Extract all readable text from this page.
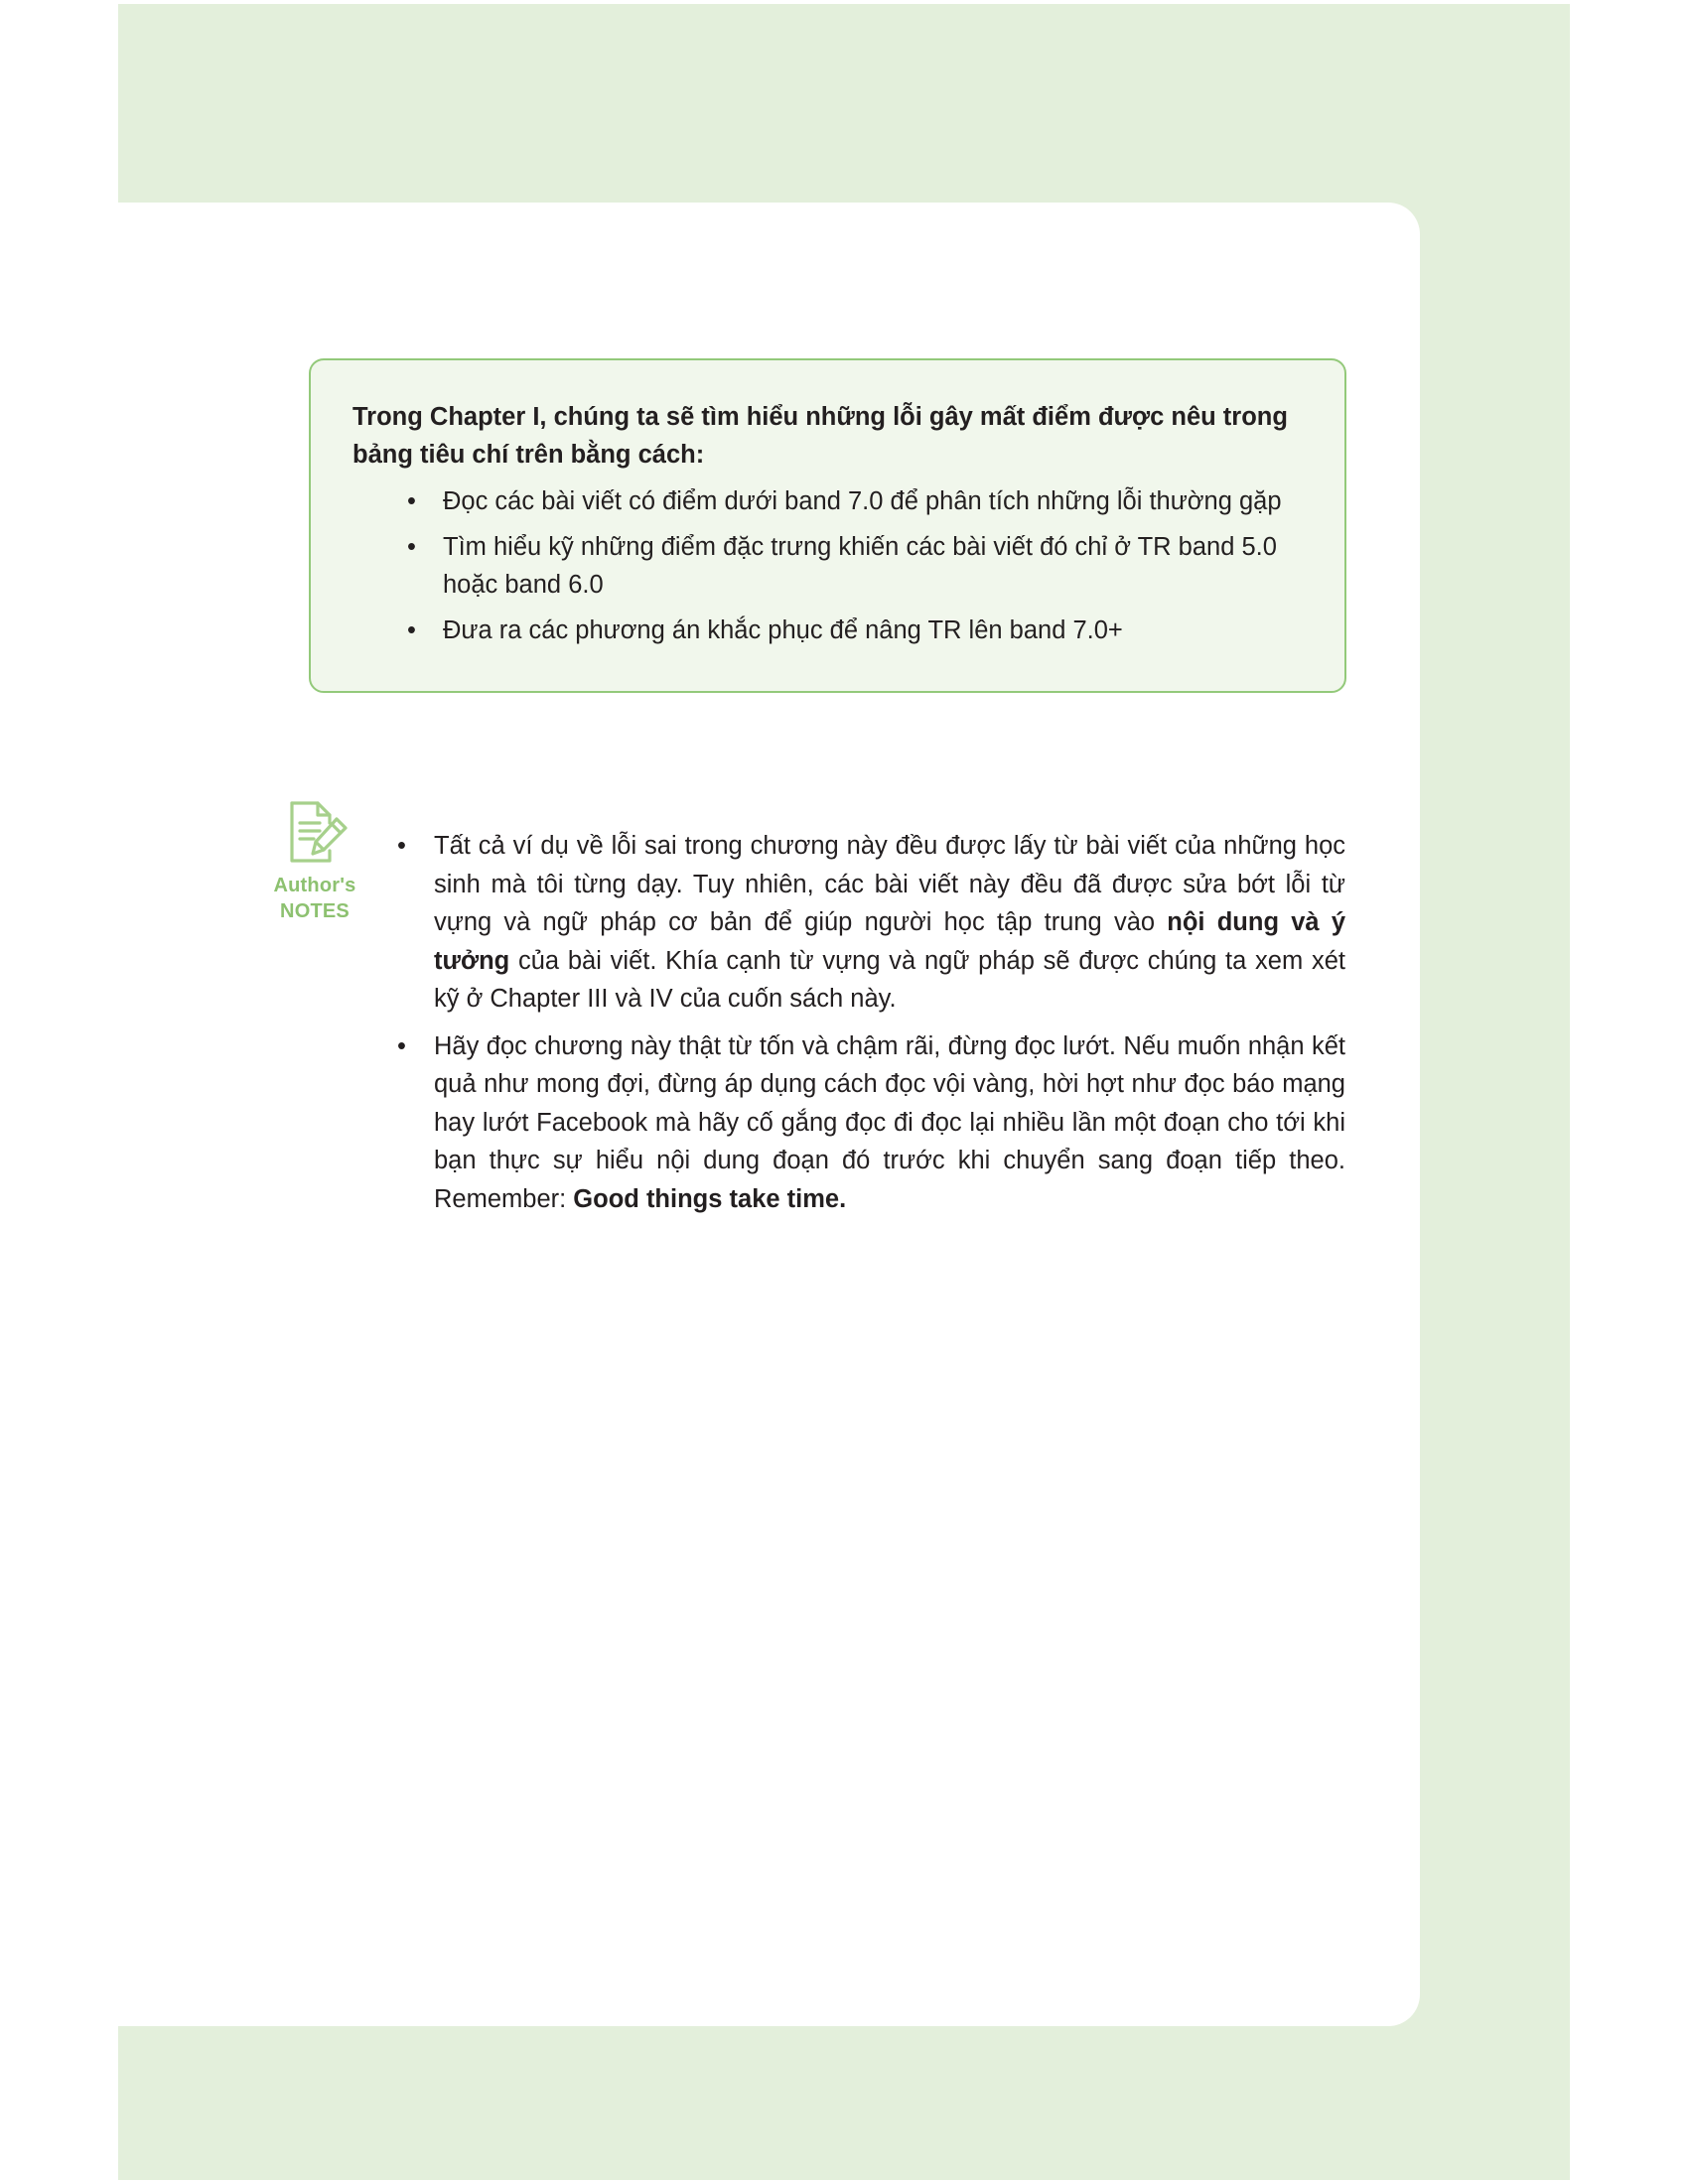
Trong Chapter I, chúng ta sẽ tìm hiểu những lỗi gây mất điểm được nêu trong bảng tiêu chí trên bằng cách:

• Đọc các bài viết có điểm dưới band 7.0 để phân tích những lỗi thường gặp
• Tìm hiểu kỹ những điểm đặc trưng khiến các bài viết đó chỉ ở TR band 5.0 hoặc band 6.0
• Đưa ra các phương án khắc phục để nâng TR lên band 7.0+
Author's
NOTES
• Tất cả ví dụ về lỗi sai trong chương này đều được lấy từ bài viết của những học sinh mà tôi từng dạy. Tuy nhiên, các bài viết này đều đã được sửa bớt lỗi từ vựng và ngữ pháp cơ bản để giúp người học tập trung vào nội dung và ý tưởng của bài viết. Khía cạnh từ vựng và ngữ pháp sẽ được chúng ta xem xét kỹ ở Chapter III và IV của cuốn sách này.
• Hãy đọc chương này thật từ tốn và chậm rãi, đừng đọc lướt. Nếu muốn nhận kết quả như mong đợi, đừng áp dụng cách đọc vội vàng, hời hợt như đọc báo mạng hay lướt Facebook mà hãy cố gắng đọc đi đọc lại nhiều lần một đoạn cho tới khi bạn thực sự hiểu nội dung đoạn đó trước khi chuyển sang đoạn tiếp theo. Remember: Good things take time.
